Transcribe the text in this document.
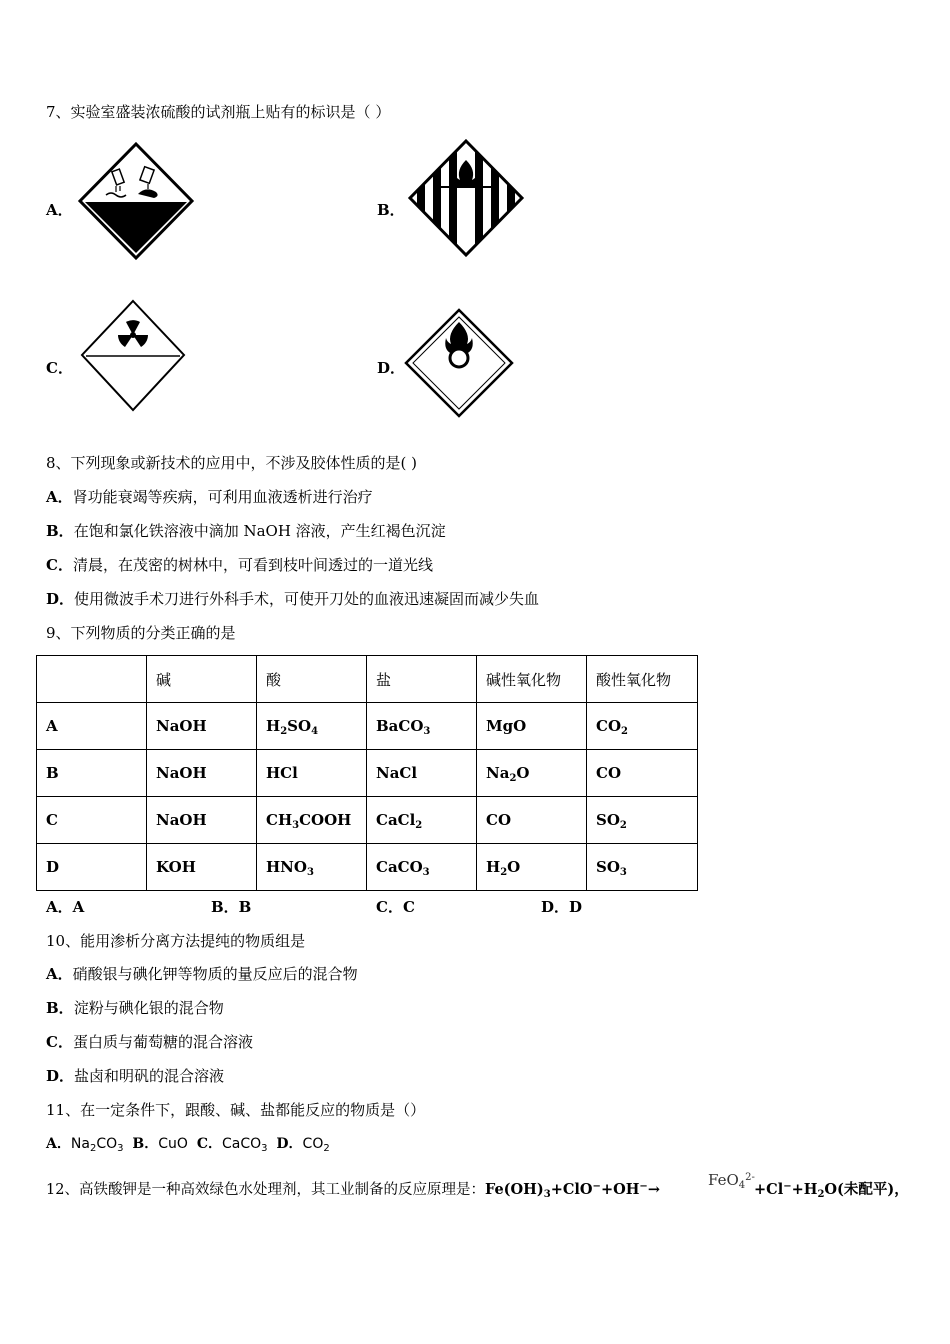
7、实验室盛装浓硫酸的试剂瓶上贴有的标识是（ ）
A．	B．
C．	D．
8、下列现象或新技术的应用中，不涉及胶体性质的是( )
A．肾功能衰竭等疾病，可利用血液透析进行治疗
B．在饱和氯化铁溶液中滴加 NaOH 溶液，产生红褐色沉淀
C．清晨，在茂密的树林中，可看到枝叶间透过的一道光线
D．使用微波手术刀进行外科手术，可使开刀处的血液迅速凝固而减少失血
9、下列物质的分类正确的是
	碱	酸	盐	碱性氧化物	酸性氧化物
A	NaOH	$H_2SO_4$	BaCO$_3$	MgO	$CO_2$
B	NaOH	HCl	NaCl	$Na_2O$	CO
C	NaOH	$CH_3COOH$	CaCl$_2$	CO	$SO_2$
D	KOH	$HNO_3$	CaCO$_3$	$H_2O$	$SO_3$
A．A	B．B	C．C	D．D
10、能用渗析分离方法提纯的物质组是
A．硝酸银与碘化钾等物质的量反应后的混合物
B．淀粉与碘化银的混合物
C．蛋白质与葡萄糖的混合溶液
D．盐卤和明矾的混合溶液
11、在一定条件下，跟酸、碱、盐都能反应的物质是（）
A．$Na_2CO_3$ B．CuO C．CaCO$_3$ D．$CO_2$
12、高铁酸钾是一种高效绿色水处理剂，其工业制备的反应原理是：$Fe(OH)_3+ClO^-+OH^-\to$
FeO$_4^{2-}$
$+Cl^-+H_2O$(未配平)，
